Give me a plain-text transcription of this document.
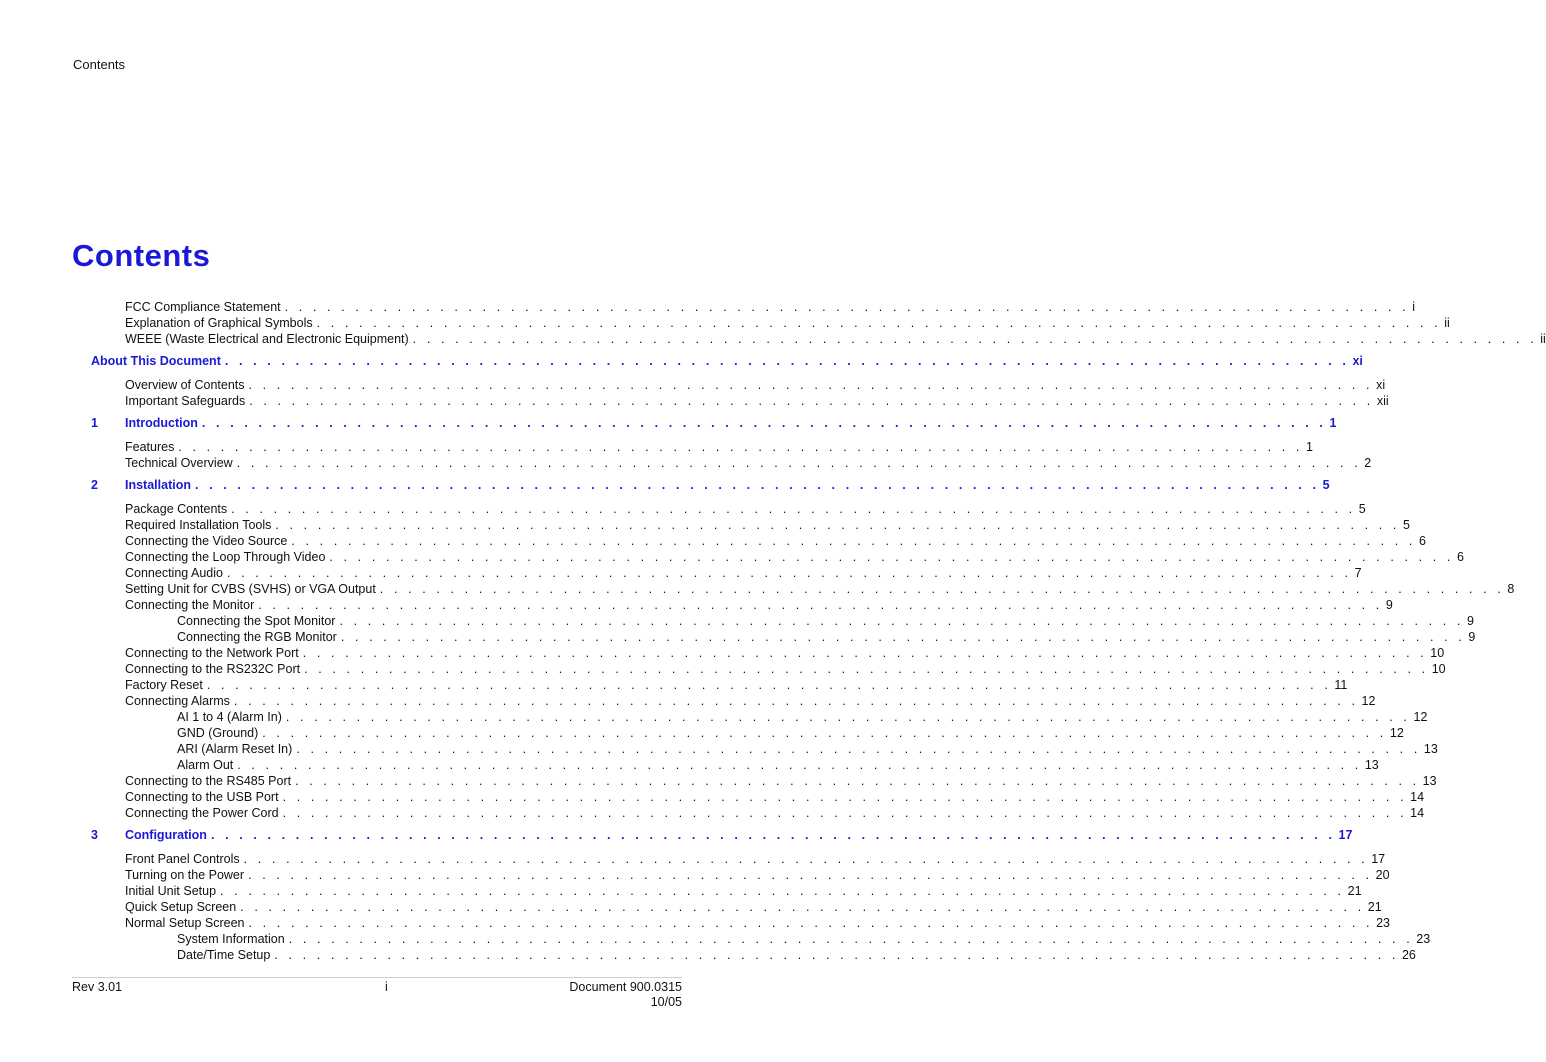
Contents
Contents
FCC Compliance Statement . . . . . . . . . . . . . . . . . . . . . . . . . . . . . . . . . . . . . . . . . . . . . . . . . . . . . . . . . . . . . . . . . . . . . . . . . . . . . . . . i
Explanation of Graphical Symbols . . . . . . . . . . . . . . . . . . . . . . . . . . . . . . . . . . . . . . . . . . . . . . . . . . . . . . . . . . . . . . . . . . . . . . . . . . . . . . . . ii
WEEE (Waste Electrical and Electronic Equipment) . . . . . . . . . . . . . . . . . . . . . . . . . . . . . . . . . . . . . . . . . . . . . . . . . . . . . . . . . . . . . . . . . . . . . . . . . . . . . . . . ii
About This Document . . . . . . . . . . . . . . . . . . . . . . . . . . . . . . . . . . . . . . . . . . . . . . . . . . . . . . . . . . . . . . . . . . . . . . . . . . . . . . . . xi
Overview of Contents . . . . . . . . . . . . . . . . . . . . . . . . . . . . . . . . . . . . . . . . . . . . . . . . . . . . . . . . . . . . . . . . . . . . . . . . . . . . . . . . xi
Important Safeguards . . . . . . . . . . . . . . . . . . . . . . . . . . . . . . . . . . . . . . . . . . . . . . . . . . . . . . . . . . . . . . . . . . . . . . . . . . . . . . . . xii
1 Introduction . . . . . . . . . . . . . . . . . . . . . . . . . . . . . . . . . . . . . . . . . . . . . . . . . . . . . . . . . . . . . . . . . . . . . . . . . . . . . . . . 1
Features . . . . . . . . . . . . . . . . . . . . . . . . . . . . . . . . . . . . . . . . . . . . . . . . . . . . . . . . . . . . . . . . . . . . . . . . . . . . . . . . 1
Technical Overview . . . . . . . . . . . . . . . . . . . . . . . . . . . . . . . . . . . . . . . . . . . . . . . . . . . . . . . . . . . . . . . . . . . . . . . . . . . . . . . . 2
2 Installation . . . . . . . . . . . . . . . . . . . . . . . . . . . . . . . . . . . . . . . . . . . . . . . . . . . . . . . . . . . . . . . . . . . . . . . . . . . . . . . . 5
Package Contents . . . . . . . . . . . . . . . . . . . . . . . . . . . . . . . . . . . . . . . . . . . . . . . . . . . . . . . . . . . . . . . . . . . . . . . . . . . . . . . . 5
Required Installation Tools . . . . . . . . . . . . . . . . . . . . . . . . . . . . . . . . . . . . . . . . . . . . . . . . . . . . . . . . . . . . . . . . . . . . . . . . . . . . . . . . 5
Connecting the Video Source . . . . . . . . . . . . . . . . . . . . . . . . . . . . . . . . . . . . . . . . . . . . . . . . . . . . . . . . . . . . . . . . . . . . . . . . . . . . . . . . 6
Connecting the Loop Through Video . . . . . . . . . . . . . . . . . . . . . . . . . . . . . . . . . . . . . . . . . . . . . . . . . . . . . . . . . . . . . . . . . . . . . . . . . . . . . . . . 6
Connecting Audio . . . . . . . . . . . . . . . . . . . . . . . . . . . . . . . . . . . . . . . . . . . . . . . . . . . . . . . . . . . . . . . . . . . . . . . . . . . . . . . . 7
Setting Unit for CVBS (SVHS) or VGA Output . . . . . . . . . . . . . . . . . . . . . . . . . . . . . . . . . . . . . . . . . . . . . . . . . . . . . . . . . . . . . . . . . . . . . . . . . . . . . . . . 8
Connecting the Monitor . . . . . . . . . . . . . . . . . . . . . . . . . . . . . . . . . . . . . . . . . . . . . . . . . . . . . . . . . . . . . . . . . . . . . . . . . . . . . . . . 9
Connecting the Spot Monitor . . . . . . . . . . . . . . . . . . . . . . . . . . . . . . . . . . . . . . . . . . . . . . . . . . . . . . . . . . . . . . . . . . . . . . . . . . . . . . . . 9
Connecting the RGB Monitor . . . . . . . . . . . . . . . . . . . . . . . . . . . . . . . . . . . . . . . . . . . . . . . . . . . . . . . . . . . . . . . . . . . . . . . . . . . . . . . . 9
Connecting to the Network Port . . . . . . . . . . . . . . . . . . . . . . . . . . . . . . . . . . . . . . . . . . . . . . . . . . . . . . . . . . . . . . . . . . . . . . . . . . . . . . . . 10
Connecting to the RS232C Port . . . . . . . . . . . . . . . . . . . . . . . . . . . . . . . . . . . . . . . . . . . . . . . . . . . . . . . . . . . . . . . . . . . . . . . . . . . . . . . . 10
Factory Reset . . . . . . . . . . . . . . . . . . . . . . . . . . . . . . . . . . . . . . . . . . . . . . . . . . . . . . . . . . . . . . . . . . . . . . . . . . . . . . . . 11
Connecting Alarms . . . . . . . . . . . . . . . . . . . . . . . . . . . . . . . . . . . . . . . . . . . . . . . . . . . . . . . . . . . . . . . . . . . . . . . . . . . . . . . . 12
AI 1 to 4 (Alarm In) . . . . . . . . . . . . . . . . . . . . . . . . . . . . . . . . . . . . . . . . . . . . . . . . . . . . . . . . . . . . . . . . . . . . . . . . . . . . . . . . 12
GND (Ground) . . . . . . . . . . . . . . . . . . . . . . . . . . . . . . . . . . . . . . . . . . . . . . . . . . . . . . . . . . . . . . . . . . . . . . . . . . . . . . . . 12
ARI (Alarm Reset In) . . . . . . . . . . . . . . . . . . . . . . . . . . . . . . . . . . . . . . . . . . . . . . . . . . . . . . . . . . . . . . . . . . . . . . . . . . . . . . . . 13
Alarm Out . . . . . . . . . . . . . . . . . . . . . . . . . . . . . . . . . . . . . . . . . . . . . . . . . . . . . . . . . . . . . . . . . . . . . . . . . . . . . . . . 13
Connecting to the RS485 Port . . . . . . . . . . . . . . . . . . . . . . . . . . . . . . . . . . . . . . . . . . . . . . . . . . . . . . . . . . . . . . . . . . . . . . . . . . . . . . . . 13
Connecting to the USB Port . . . . . . . . . . . . . . . . . . . . . . . . . . . . . . . . . . . . . . . . . . . . . . . . . . . . . . . . . . . . . . . . . . . . . . . . . . . . . . . . 14
Connecting the Power Cord . . . . . . . . . . . . . . . . . . . . . . . . . . . . . . . . . . . . . . . . . . . . . . . . . . . . . . . . . . . . . . . . . . . . . . . . . . . . . . . . 14
3 Configuration . . . . . . . . . . . . . . . . . . . . . . . . . . . . . . . . . . . . . . . . . . . . . . . . . . . . . . . . . . . . . . . . . . . . . . . . . . . . . . . . 17
Front Panel Controls . . . . . . . . . . . . . . . . . . . . . . . . . . . . . . . . . . . . . . . . . . . . . . . . . . . . . . . . . . . . . . . . . . . . . . . . . . . . . . . . 17
Turning on the Power . . . . . . . . . . . . . . . . . . . . . . . . . . . . . . . . . . . . . . . . . . . . . . . . . . . . . . . . . . . . . . . . . . . . . . . . . . . . . . . . 20
Initial Unit Setup . . . . . . . . . . . . . . . . . . . . . . . . . . . . . . . . . . . . . . . . . . . . . . . . . . . . . . . . . . . . . . . . . . . . . . . . . . . . . . . . 21
Quick Setup Screen . . . . . . . . . . . . . . . . . . . . . . . . . . . . . . . . . . . . . . . . . . . . . . . . . . . . . . . . . . . . . . . . . . . . . . . . . . . . . . . . 21
Normal Setup Screen . . . . . . . . . . . . . . . . . . . . . . . . . . . . . . . . . . . . . . . . . . . . . . . . . . . . . . . . . . . . . . . . . . . . . . . . . . . . . . . . 23
System Information . . . . . . . . . . . . . . . . . . . . . . . . . . . . . . . . . . . . . . . . . . . . . . . . . . . . . . . . . . . . . . . . . . . . . . . . . . . . . . . . 23
Date/Time Setup . . . . . . . . . . . . . . . . . . . . . . . . . . . . . . . . . . . . . . . . . . . . . . . . . . . . . . . . . . . . . . . . . . . . . . . . . . . . . . . . 26
Rev 3.01	i	Document 900.0315
10/05
